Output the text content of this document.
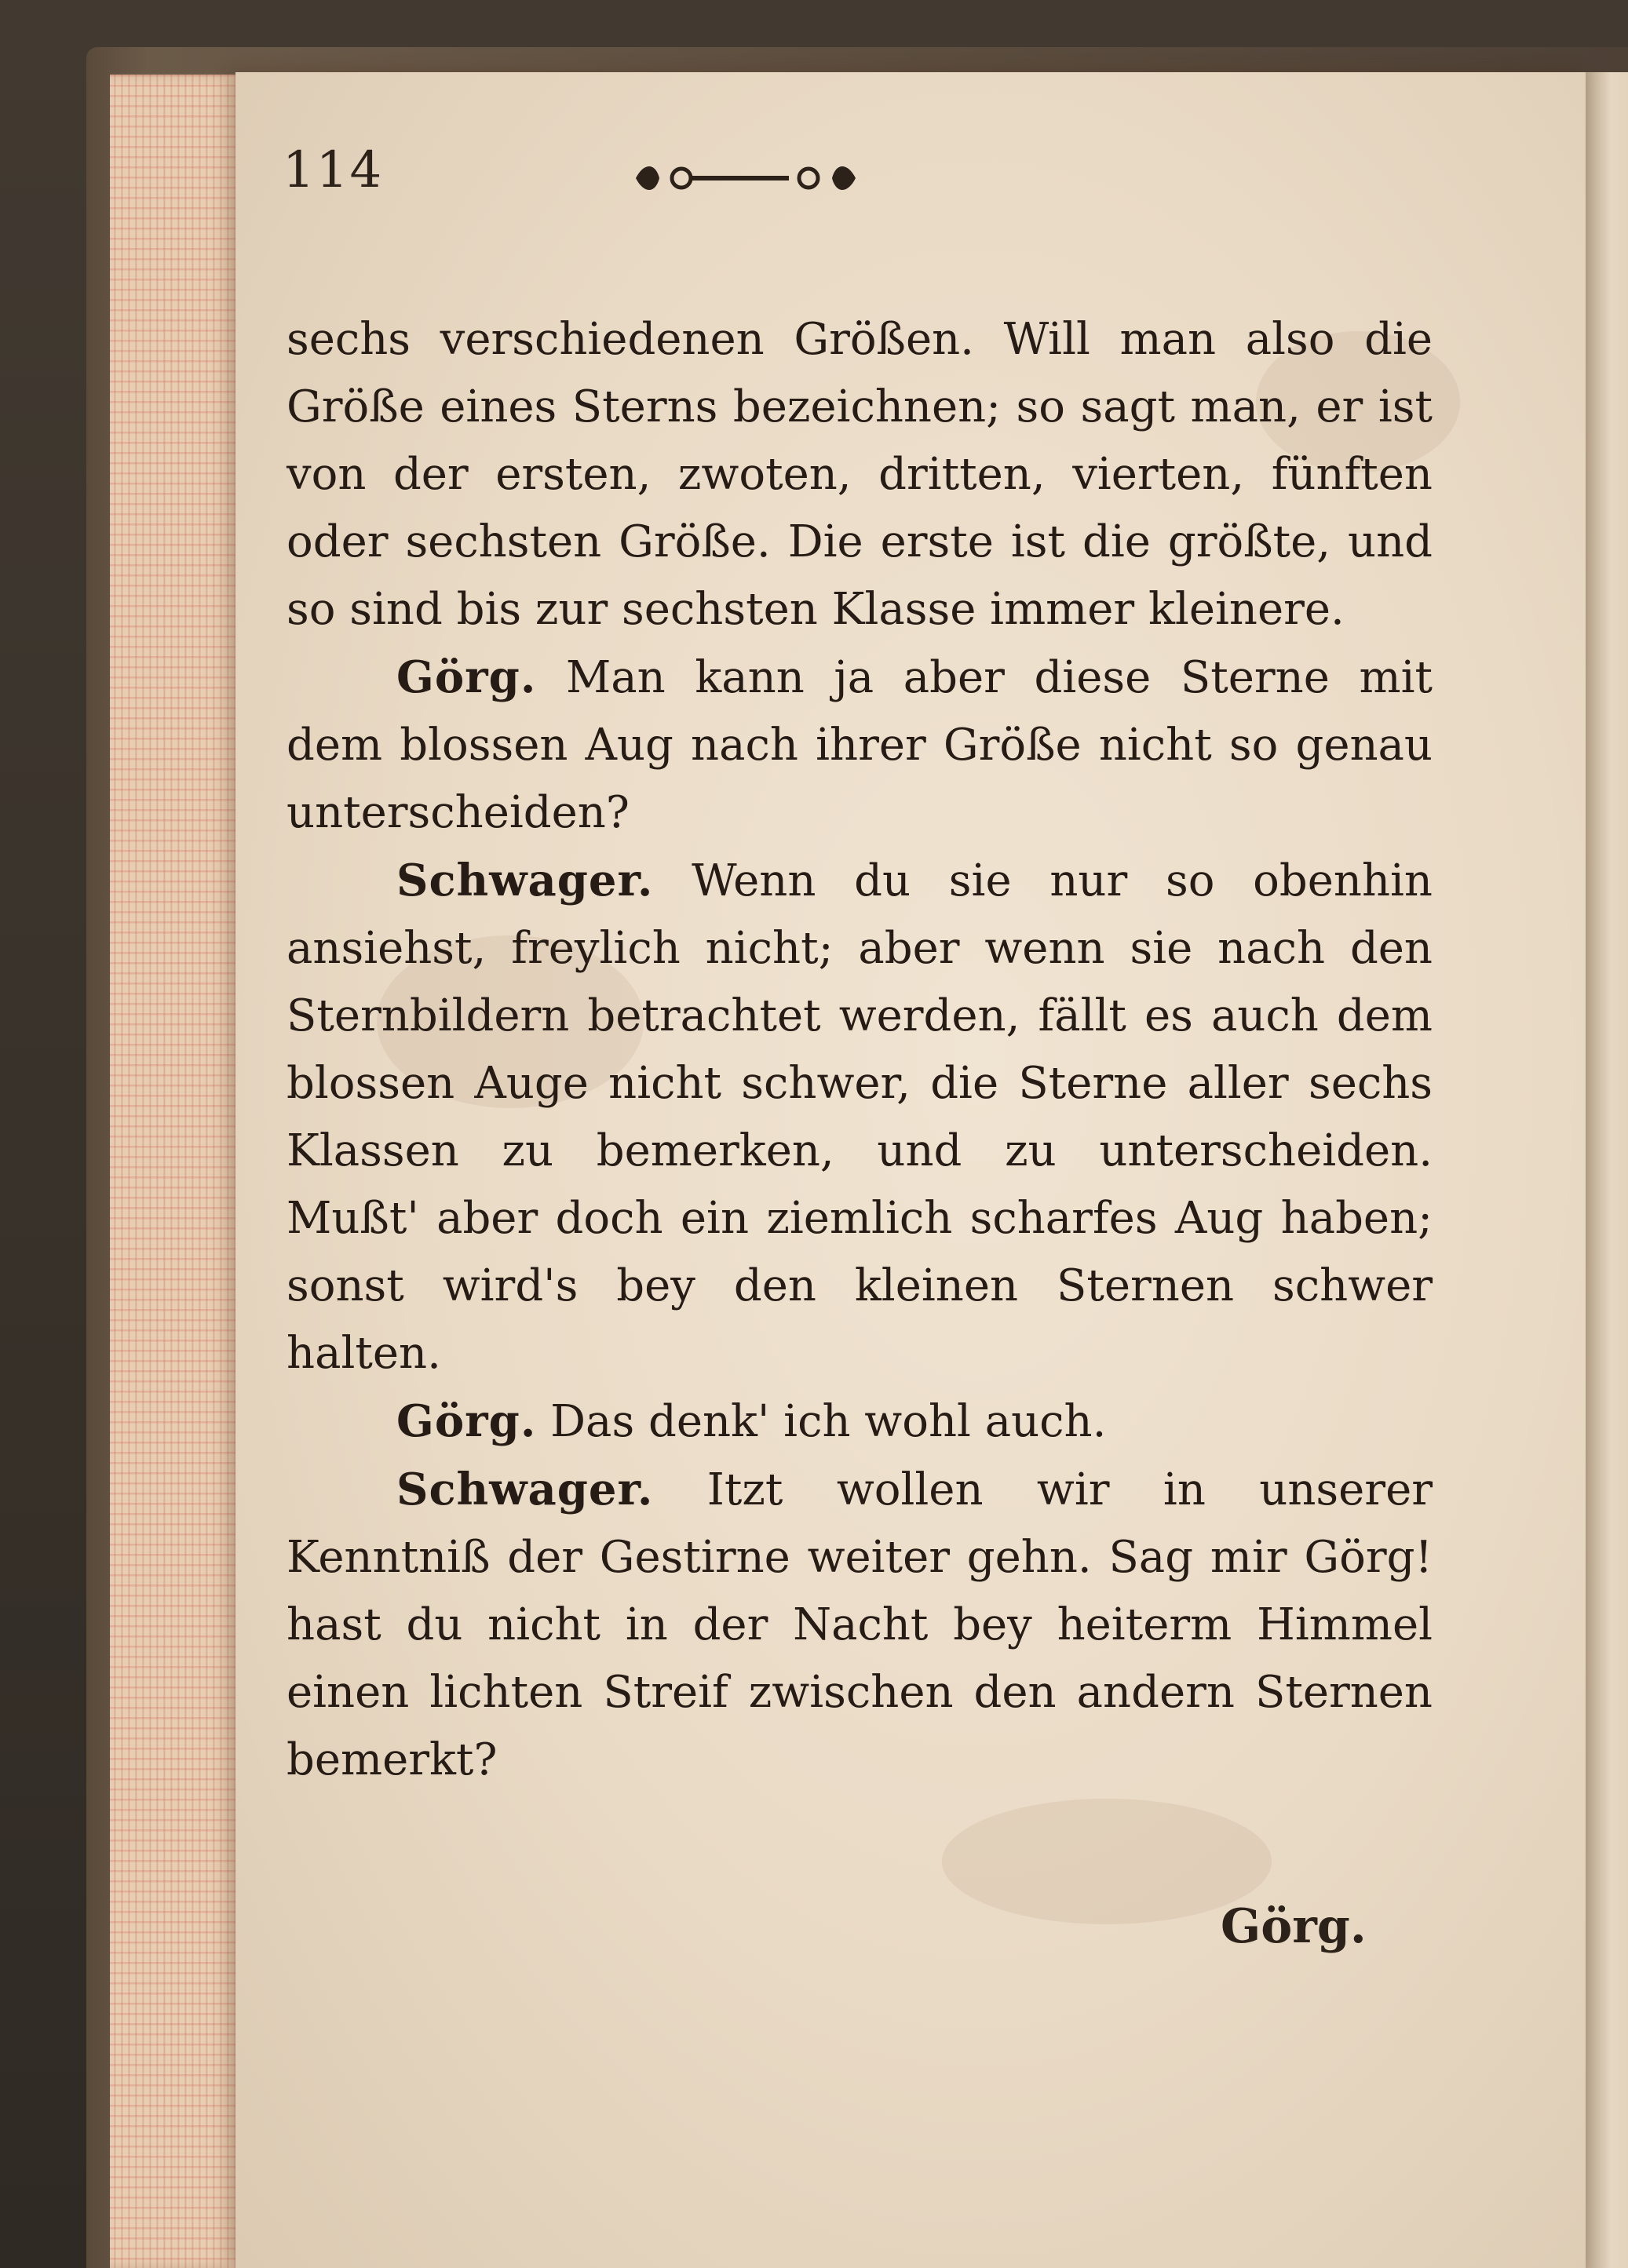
114

sechs verschiedenen Größen. Will man also die Größe eines Sterns bezeichnen; so sagt man, er ist von der ersten, zwoten, dritten, vierten, fünften oder sechsten Größe. Die erste ist die größte, und so sind bis zur sechsten Klasse immer kleinere.

Görg. Man kann ja aber diese Sterne mit dem blossen Aug nach ihrer Größe nicht so genau unterscheiden?

Schwager. Wenn du sie nur so obenhin ansiehst, freylich nicht; aber wenn sie nach den Sternbildern betrachtet werden, fällt es auch dem blossen Auge nicht schwer, die Sterne aller sechs Klassen zu bemerken, und zu unterscheiden. Mußt' aber doch ein ziemlich scharfes Aug haben; sonst wird's bey den kleinen Sternen schwer halten.

Görg. Das denk' ich wohl auch.

Schwager. Itzt wollen wir in unserer Kenntniß der Gestirne weiter gehn. Sag mir Görg! hast du nicht in der Nacht bey heiterm Himmel einen lichten Streif zwischen den andern Sternen bemerkt?

Görg.
